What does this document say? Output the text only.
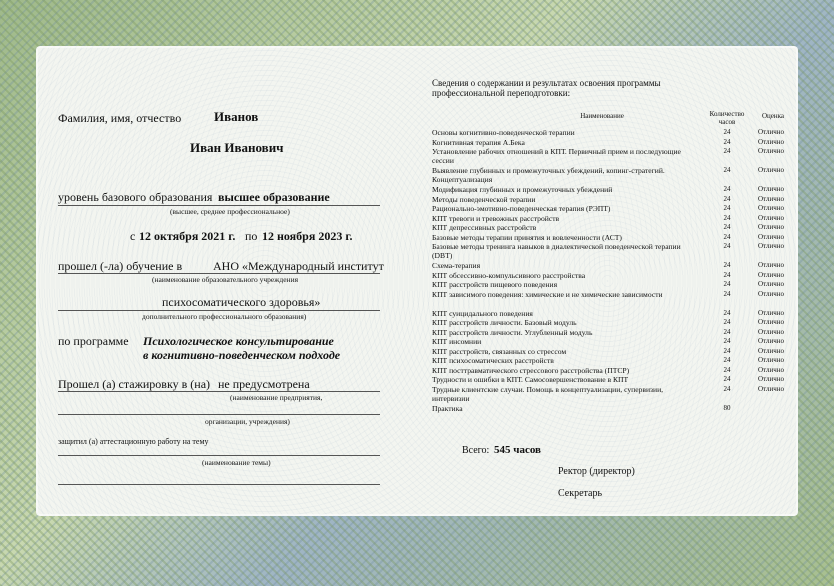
Фамилия, имя, отчество	Иванов
Иван Иванович
уровень базового образования высшее образование
(высшее, среднее профессиональное)
с 12 октября 2021 г. по 12 ноября 2023 г.
прошел (-ла) обучение в	АНО «Международный институт
(наименование образовательного учреждения
психосоматического здоровья»
дополнительного профессионального образования)
по программе Психологическое консультирование
в когнитивно-поведенческом подходе
Прошел (а) стажировку в (на) не предусмотрена
(наименование предприятия,
организации, учреждения)
защитил (а) аттестационную работу на тему
(наименование темы)
Сведения о содержании и результатах освоения программы
профессиональной переподготовки:
Наименование	Количество
часов
Оценка
Основы когнитивно-поведенческой терапии	24	Отлично
Когнитивная терапия А.Бека	24	Отлично
Установление рабочих отношений в КПТ. Первичный прием и последующие сессии
24	Отлично
Выявление глубинных и промежуточных убеждений, копинг-стратегий. Концептуализация
24	Отлично
Модификация глубинных и промежуточных убеждений	24	Отлично
Методы поведенческой терапии	24	Отлично
Рационально-эмотивно-поведенческая терапия (РЭПТ)	24	Отлично
КПТ тревоги и тревожных расстройств	24	Отлично
КПТ депрессивных расстройств	24	Отлично
Базовые методы терапии принятия и вовлеченности (АСТ)	24	Отлично
Базовые методы тренинга навыков в диалектической поведенческой терапии (DBT)
24	Отлично
Схема-терапия	24	Отлично
КПТ обсессивно-компульсивного расстройства	24	Отлично
КПТ расстройств пищевого поведения	24	Отлично
КПТ зависимого поведения: химические и не химические зависимости	24	Отлично
КПТ суицидального поведения	24	Отлично
КПТ расстройств личности. Базовый модуль	24	Отлично
КПТ расстройств личности. Углубленный модуль	24	Отлично
КПТ инсомнии	24	Отлично
КПТ расстройств, связанных со стрессом	24	Отлично
КПТ психосоматических расстройств	24	Отлично
КПТ посттравматического стрессового расстройства (ПТСР)	24	Отлично
Трудности и ошибки в КПТ. Самосовершенствование в КПТ	24	Отлично
Трудные клиентские случаи. Помощь в концептуализации, супервизии, интервизии
24	Отлично
Практика	80
Всего: 545 часов
Ректор (директор)
Секретарь
